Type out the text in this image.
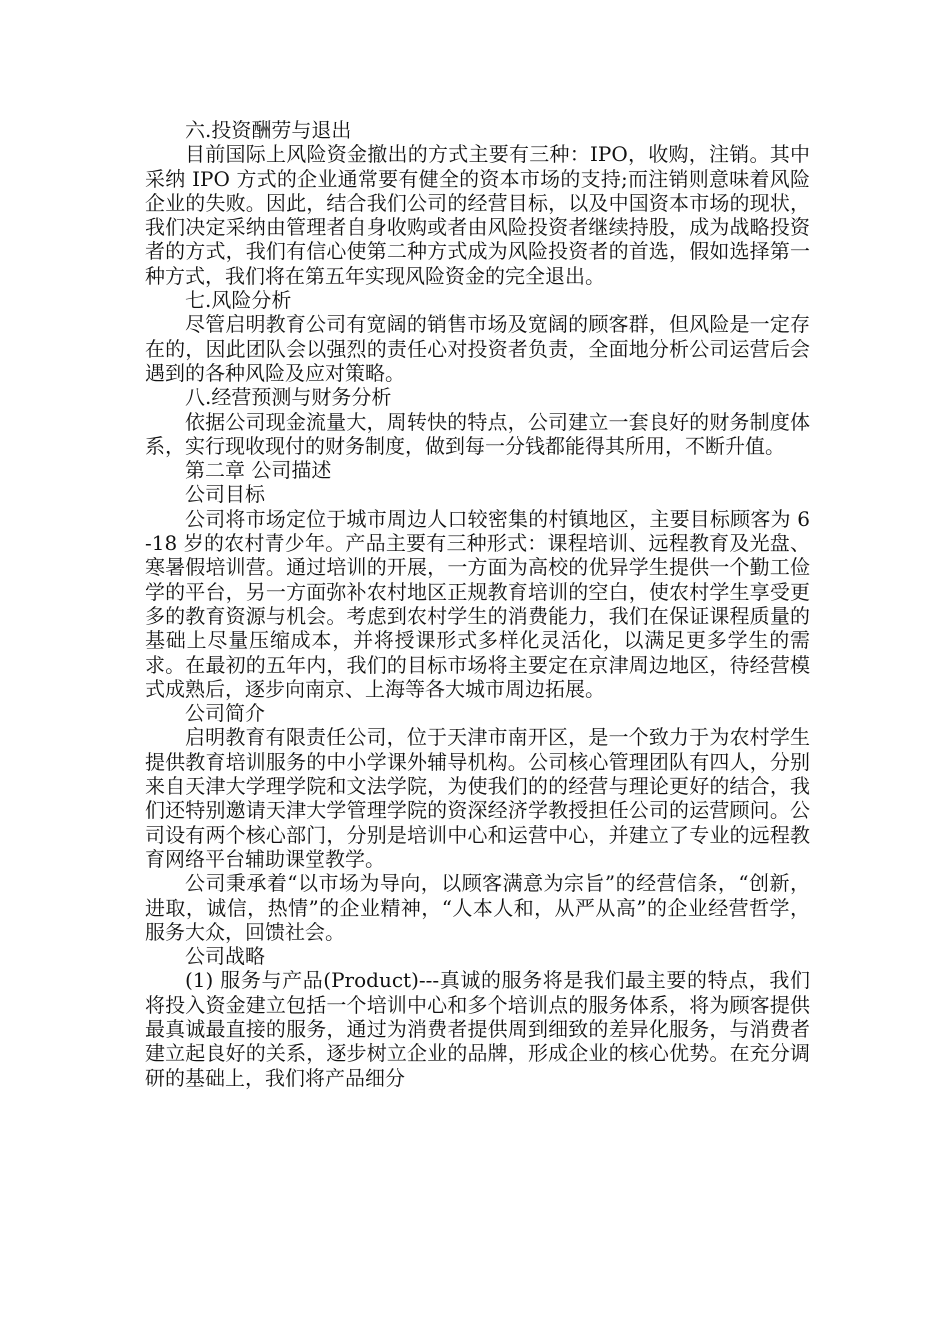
六.投资酬劳与退出

目前国际上风险资金撤出的方式主要有三种：IPO，收购，注销。其中采纳 IPO 方式的企业通常要有健全的资本市场的支持;而注销则意味着风险企业的失败。因此，结合我们公司的经营目标，以及中国资本市场的现状，我们决定采纳由管理者自身收购或者由风险投资者继续持股，成为战略投资者的方式，我们有信心使第二种方式成为风险投资者的首选，假如选择第一种方式，我们将在第五年实现风险资金的完全退出。

七.风险分析

尽管启明教育公司有宽阔的销售市场及宽阔的顾客群，但风险是一定存在的，因此团队会以强烈的责任心对投资者负责，全面地分析公司运营后会遇到的各种风险及应对策略。

八.经营预测与财务分析

依据公司现金流量大，周转快的特点，公司建立一套良好的财务制度体系，实行现收现付的财务制度，做到每一分钱都能得其所用，不断升值。

第二章 公司描述

公司目标

公司将市场定位于城市周边人口较密集的村镇地区，主要目标顾客为 6-18 岁的农村青少年。产品主要有三种形式：课程培训、远程教育及光盘、寒暑假培训营。通过培训的开展，一方面为高校的优异学生提供一个勤工俭学的平台，另一方面弥补农村地区正规教育培训的空白，使农村学生享受更多的教育资源与机会。考虑到农村学生的消费能力，我们在保证课程质量的基础上尽量压缩成本，并将授课形式多样化灵活化，以满足更多学生的需求。在最初的五年内，我们的目标市场将主要定在京津周边地区，待经营模式成熟后，逐步向南京、上海等各大城市周边拓展。

公司简介

启明教育有限责任公司，位于天津市南开区，是一个致力于为农村学生提供教育培训服务的中小学课外辅导机构。公司核心管理团队有四人，分别来自天津大学理学院和文法学院，为使我们的的经营与理论更好的结合，我们还特别邀请天津大学管理学院的资深经济学教授担任公司的运营顾问。公司设有两个核心部门，分别是培训中心和运营中心，并建立了专业的远程教育网络平台辅助课堂教学。

公司秉承着“以市场为导向，以顾客满意为宗旨”的经营信条，“创新，进取，诚信，热情”的企业精神，“人本人和，从严从高”的企业经营哲学，服务大众，回馈社会。

公司战略

(1) 服务与产品(Product)---真诚的服务将是我们最主要的特点，我们将投入资金建立包括一个培训中心和多个培训点的服务体系，将为顾客提供最真诚最直接的服务，通过为消费者提供周到细致的差异化服务，与消费者建立起良好的关系，逐步树立企业的品牌，形成企业的核心优势。在充分调研的基础上，我们将产品细分
